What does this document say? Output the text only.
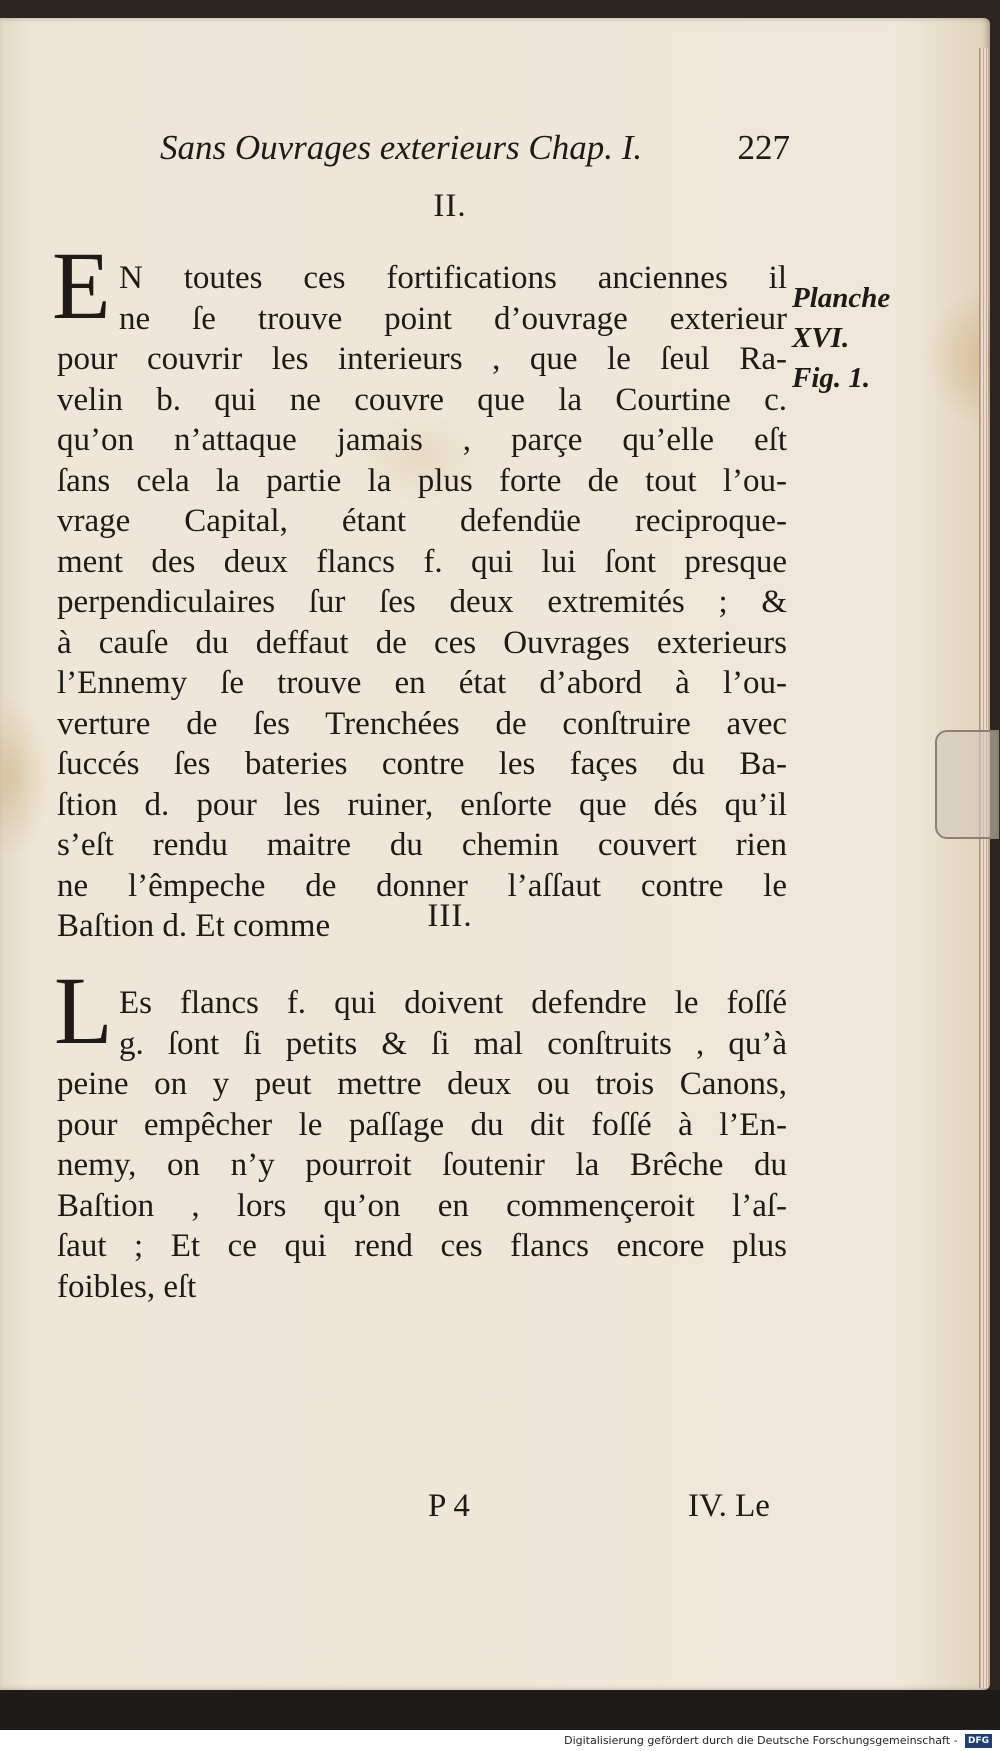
Sans Ouvrages exterieurs Chap. I.	227
II.
E N toutes ces fortifications anciennes il
ne ſe trouve point d’ouvrage exterieur
pour couvrir les interieurs , que le ſeul Ra-
velin b. qui ne couvre que la Courtine c.
qu’on n’attaque jamais , parçe qu’elle eſt
ſans cela la partie la plus forte de tout l’ou-
vrage Capital, étant defendüe reciproque-
ment des deux flancs f. qui lui ſont presque
perpendiculaires ſur ſes deux extremités ; &
à cauſe du deffaut de ces Ouvrages exterieurs
l’Ennemy ſe trouve en état d’abord à l’ou-
verture de ſes Trenchées de conſtruire avec
ſuccés ſes bateries contre les façes du Ba-
ſtion d. pour les ruiner, enſorte que dés qu’il
s’eſt rendu maitre du chemin couvert rien
ne l’êmpeche de donner l’aſſaut contre le
Baſtion d. Et comme
Planche
XVI.
Fig. 1.
III.
L Es flancs f. qui doivent defendre le foſſé
g. ſont ſi petits & ſi mal conſtruits , qu’à
peine on y peut mettre deux ou trois Canons,
pour empêcher le paſſage du dit foſſé à l’En-
nemy, on n’y pourroit ſoutenir la Brêche du
Baſtion , lors qu’on en commençeroit l’aſ-
ſaut ; Et ce qui rend ces flancs encore plus
foibles, eſt
P 4	IV. Le
Digitalisierung gefördert durch die Deutsche Forschungsgemeinschaft - DFG
